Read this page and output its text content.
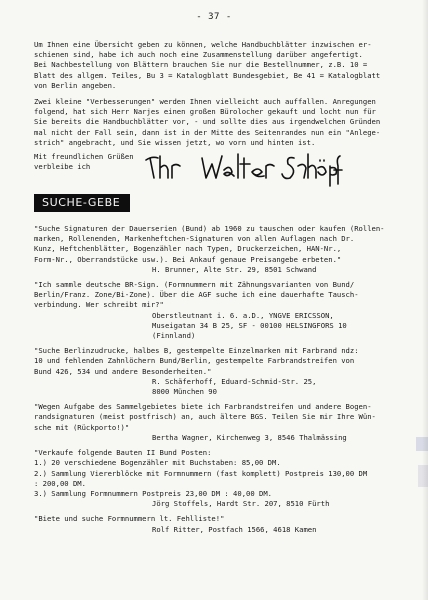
- 37 -
Um Ihnen eine Übersicht geben zu können, welche Handbuchblätter inzwischen er-
schienen sind, habe ich auch noch eine Zusammenstellung darüber angefertigt.
Bei Nachbestellung von Blättern brauchen Sie nur die Bestellnummer, z.B. 10 =
Blatt des allgem. Teiles, Bu 3 = Katalogblatt Bundesgebiet, Be 41 = Katalogblatt
von Berlin angeben.
Zwei kleine "Verbesserungen" werden Ihnen vielleicht auch auffallen. Anregungen
folgend, hat sich Herr Narjes einen großen Bürolocher gekauft und locht nun für
Sie bereits die Handbuchblätter vor, - und sollte dies aus irgendwelchen Gründen
mal nicht der Fall sein, dann ist in der Mitte des Seitenrandes nun ein "Anlege-
strich" angebracht, und Sie wissen jetzt, wo vorn und hinten ist.
Mit freundlichen Grüßen
verbleibe ich
SUCHE-GEBE
"Suche Signaturen der Dauerserien (Bund) ab 1960 zu tauschen oder kaufen (Rollen-
marken, Rollenenden, Markenheftchen-Signaturen von allen Auflagen nach Dr.
Kunz, Heftchenblätter, Bogenzähler nach Typen, Druckerzeichen, HAN-Nr.,
Form-Nr., Oberrandstücke usw.). Bei Ankauf genaue Preisangebe erbeten."
H. Brunner, Alte Str. 29, 8501 Schwand
"Ich sammle deutsche BR-Sign. (Formnummern mit Zähnungsvarianten von Bund/
Berlin/Franz. Zone/Bi-Zone). Über die AGF suche ich eine dauerhafte Tausch-
verbindung. Wer schreibt mir?"
Oberstleutnant i. 6. a.D., YNGVE ERICSSON,
Museigatan 34 B 25, SF - 00100 HELSINGFORS 10
(Finnland)
"Suche Berlinzudrucke, halbes B, gestempelte Einzelmarken mit Farbrand ndz:
10 und fehlenden Zahnlöchern Bund/Berlin, gestempelte Farbrandstreifen von
Bund 426, 534 und andere Besonderheiten."
R. Schäferhoff, Eduard-Schmid-Str. 25,
8000 München 90
"Wegen Aufgabe des Sammelgebietes biete ich Farbrandstreifen und andere Bogen-
randsignaturen (meist postfrisch) an, auch ältere BGS. Teilen Sie mir Ihre Wün-
sche mit (Rückporto!)"
Bertha Wagner, Kirchenweg 3, 8546 Thalmässing
"Verkaufe folgende Bauten II Bund Posten:
1.) 20 verschiedene Bogenzähler mit Buchstaben: 85,00 DM.
2.) Sammlung Viererblöcke mit Formnummern (fast komplett) Postpreis 130,00 DM
: 200,00 DM.
3.) Sammlung Formnummern Postpreis 23,00 DM : 40,00 DM.
Jörg Stoffels, Hardt Str. 207, 8510 Fürth
"Biete und suche Formnummern lt. Fehlliste!"
Rolf Ritter, Postfach 1566, 4618 Kamen
